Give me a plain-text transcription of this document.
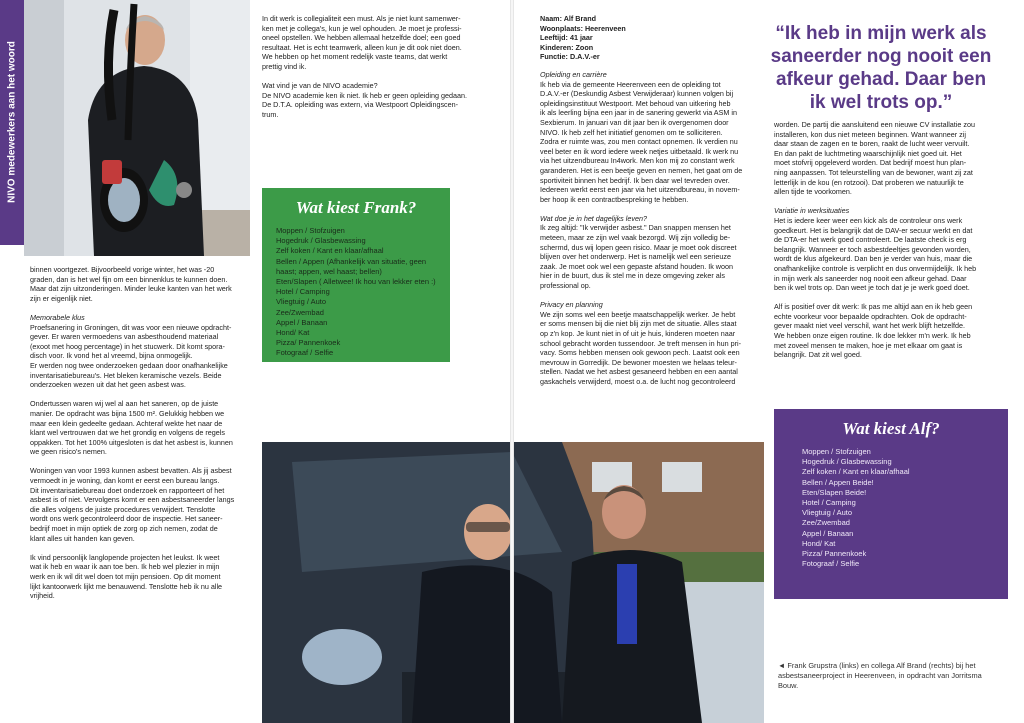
NIVO medewerkers aan het woord

binnen voortgezet. Bijvoorbeeld vorige winter, het was -20
graden, dan is het wel fijn om een binnenklus te kunnen doen.
Maar dat zijn uitzonderingen. Minder leuke kanten van het werk
zijn er eigenlijk niet.

Memorabele klus

Proefsanering in Groningen, dit was voor een nieuwe opdracht-
gever. Er waren vermoedens van asbesthoudend materiaal
(exoot met hoog percentage) in het stucwerk. Dit komt spora-
disch voor. Ik vond het al vreemd, bijna onmogelijk.
Er werden nog twee onderzoeken gedaan door onafhankelijke
inventarisatiebureau's. Het bleken keramische vezels. Beide
onderzoeken wezen uit dat het geen asbest was.

Ondertussen waren wij wel al aan het saneren, op de juiste
manier. De opdracht was bijna 1500 m². Gelukkig hebben we
maar een klein gedeelte gedaan. Achteraf wekte het naar de
klant wel vertrouwen dat we het grondig en volgens de regels
oppakken. Tot het 100% uitgesloten is dat het asbest is, kunnen
we geen risico's nemen.

Woningen van voor 1993 kunnen asbest bevatten. Als jij asbest
vermoedt in je woning, dan komt er eerst een bureau langs.
Dit inventarisatiebureau doet onderzoek en rapporteert of het
asbest is of niet. Vervolgens komt er een asbestsaneerder langs
die alles volgens de juiste procedures verwijdert. Tenslotte
wordt ons werk gecontroleerd door de inspectie. Het saneer-
bedrijf moet in mijn optiek de zorg op zich nemen, zodat de
klant alles uit handen kan geven.

Ik vind persoonlijk langlopende projecten het leukst. Ik weet
wat ik heb en waar ik aan toe ben. Ik heb wel plezier in mijn
werk en ik wil dit wel doen tot mijn pensioen. Op dit moment
lijkt kantoorwerk lijkt me benauwend. Tenslotte heb ik nu alle
vrijheid.

In dit werk is collegialiteit een must. Als je niet kunt samenwer-
ken met je collega's, kun je wel ophouden. Je moet je professi-
oneel opstellen. We hebben allemaal hetzelfde doel; een goed
resultaat. Het is echt teamwerk, alleen kun je dit ook niet doen.
We hebben op het moment redelijk vaste teams, dat werkt
prettig vind ik.

Wat vind je van de NIVO academie?
De NIVO academie ken ik niet. Ik heb er geen opleiding gedaan.
De D.T.A. opleiding was extern, via Westpoort Opleidingscen-
trum.

Wat kiest Frank?
Moppen / Stofzuigen
Hogedruk / Glasbewassing
Zelf koken / Kant en klaar/afhaal
Bellen / Appen (Afhankelijk van situatie, geen haast; appen, wel haast; bellen)
Eten/Slapen ( Alletwee! Ik hou van lekker eten :)
Hotel / Camping
Vliegtuig / Auto
Zee/Zwembad
Appel / Banaan
Hond/ Kat
Pizza/ Pannenkoek
Fotograaf / Selfie

Naam: Alf Brand
Woonplaats: Heerenveen
Leeftijd: 41 jaar
Kinderen: Zoon
Functie: D.A.V.-er

Opleiding en carrière

Ik heb via de gemeente Heerenveen een de opleiding tot
D.A.V.-er (Deskundig Asbest Verwijderaar) kunnen volgen bij
opleidingsinstituut Westpoort. Met behoud van uitkering heb
ik als leerling bijna een jaar in de sanering gewerkt via ASM in
Sexbierum. In januari van dit jaar ben ik overgenomen door
NIVO. Ik heb zelf het initiatief genomen om te solliciteren.
Zodra er ruimte was, zou men contact opnemen. Ik verdien nu
veel beter en ik word iedere week netjes uitbetaald. Ik werk nu
via het uitzendbureau In4work. Men kon mij zo constant werk
garanderen. Het is een beetje geven en nemen, het gaat om de
sportiviteit binnen het bedrijf. Ik ben daar wel tevreden over.
Iedereen werkt eerst een jaar via het uitzendbureau, in novem-
ber hoop ik een contractbespreking te hebben.

Wat doe je in het dagelijks leven?

Ik zeg altijd: "Ik verwijder asbest." Dan snappen mensen het
meteen, maar ze zijn wel vaak bezorgd. Wij zijn volledig be-
schermd, dus wij lopen geen risico. Maar je moet ook discreet
blijven over het onderwerp. Het is namelijk wel een serieuze
zaak. Je moet ook wel een gepaste afstand houden. Ik woon
hier in de buurt, dus ik stel me in deze omgeving zeker als
professional op.

Privacy en planning

We zijn soms wel een beetje maatschappelijk werker. Je hebt
er soms mensen bij die niet blij zijn met de situatie. Alles staat
op z'n kop. Je kunt niet in of uit je huis, kinderen moeten naar
school gebracht worden tussendoor. Je treft mensen in hun pri-
vacy. Soms hebben mensen ook gewoon pech. Laatst ook een
mevrouw in Gorredijk. De bewoner moesten we helaas teleur-
stellen. Nadat we het asbest gesaneerd hebben en een aantal
gaskachels verwijderd, moest o.a. de lucht nog gecontroleerd

“Ik heb in mijn werk als
saneerder nog nooit een
afkeur gehad. Daar ben
ik wel trots op.”

worden. De partij die aansluitend een nieuwe CV installatie zou
installeren, kon dus niet meteen beginnen. Want wanneer zij
daar staan de zagen en te boren, raakt de lucht weer vervuilt.
En dan pakt de luchtmeting waarschijnlijk niet goed uit. Het
moet stofvrij opgeleverd worden. Dat bedrijf moest hun plan-
ning aanpassen. Tot teleurstelling van de bewoner, want zij zat
letterlijk in de kou (en rotzooi). Dat proberen we natuurlijk te
allen tijde te voorkomen.

Variatie in werksituaties

Het is iedere keer weer een kick als de controleur ons werk
goedkeurt. Het is belangrijk dat de DAV-er secuur werkt en dat
de DTA-er het werk goed controleert. De laatste check is erg
belangrijk. Wanneer er toch asbestdeeltjes gevonden worden,
wordt de klus afgekeurd. Dan ben je verder van huis, maar die
onafhankelijke controle is verplicht en dus onvermijdelijk. Ik heb
in mijn werk als saneerder nog nooit een afkeur gehad. Daar
ben ik wel trots op. Dan weet je toch dat je je werk goed doet.

Alf is positief over dit werk: Ik pas me altijd aan en ik heb geen
echte voorkeur voor bepaalde opdrachten. Ook de opdracht-
gever maakt niet veel verschil, want het werk blijft hetzelfde.
We hebben onze eigen routine. Ik doe lekker m'n werk. Ik heb
met zoveel mensen te maken, hoe je met elkaar om gaat is
belangrijk. Dat zit wel goed.

Wat kiest Alf?
Moppen / Stofzuigen
Hogedruk / Glasbewassing
Zelf koken / Kant en klaar/afhaal
Bellen / Appen Beide!
Eten/Slapen Beide!
Hotel / Camping
Vliegtuig / Auto
Zee/Zwembad
Appel / Banaan
Hond/ Kat
Pizza/ Pannenkoek
Fotograaf / Selfie
◄ Frank Grupstra (links) en collega Alf Brand (rechts) bij het
asbestsaneerproject in Heerenveen, in opdracht van Jorritsma
Bouw.
